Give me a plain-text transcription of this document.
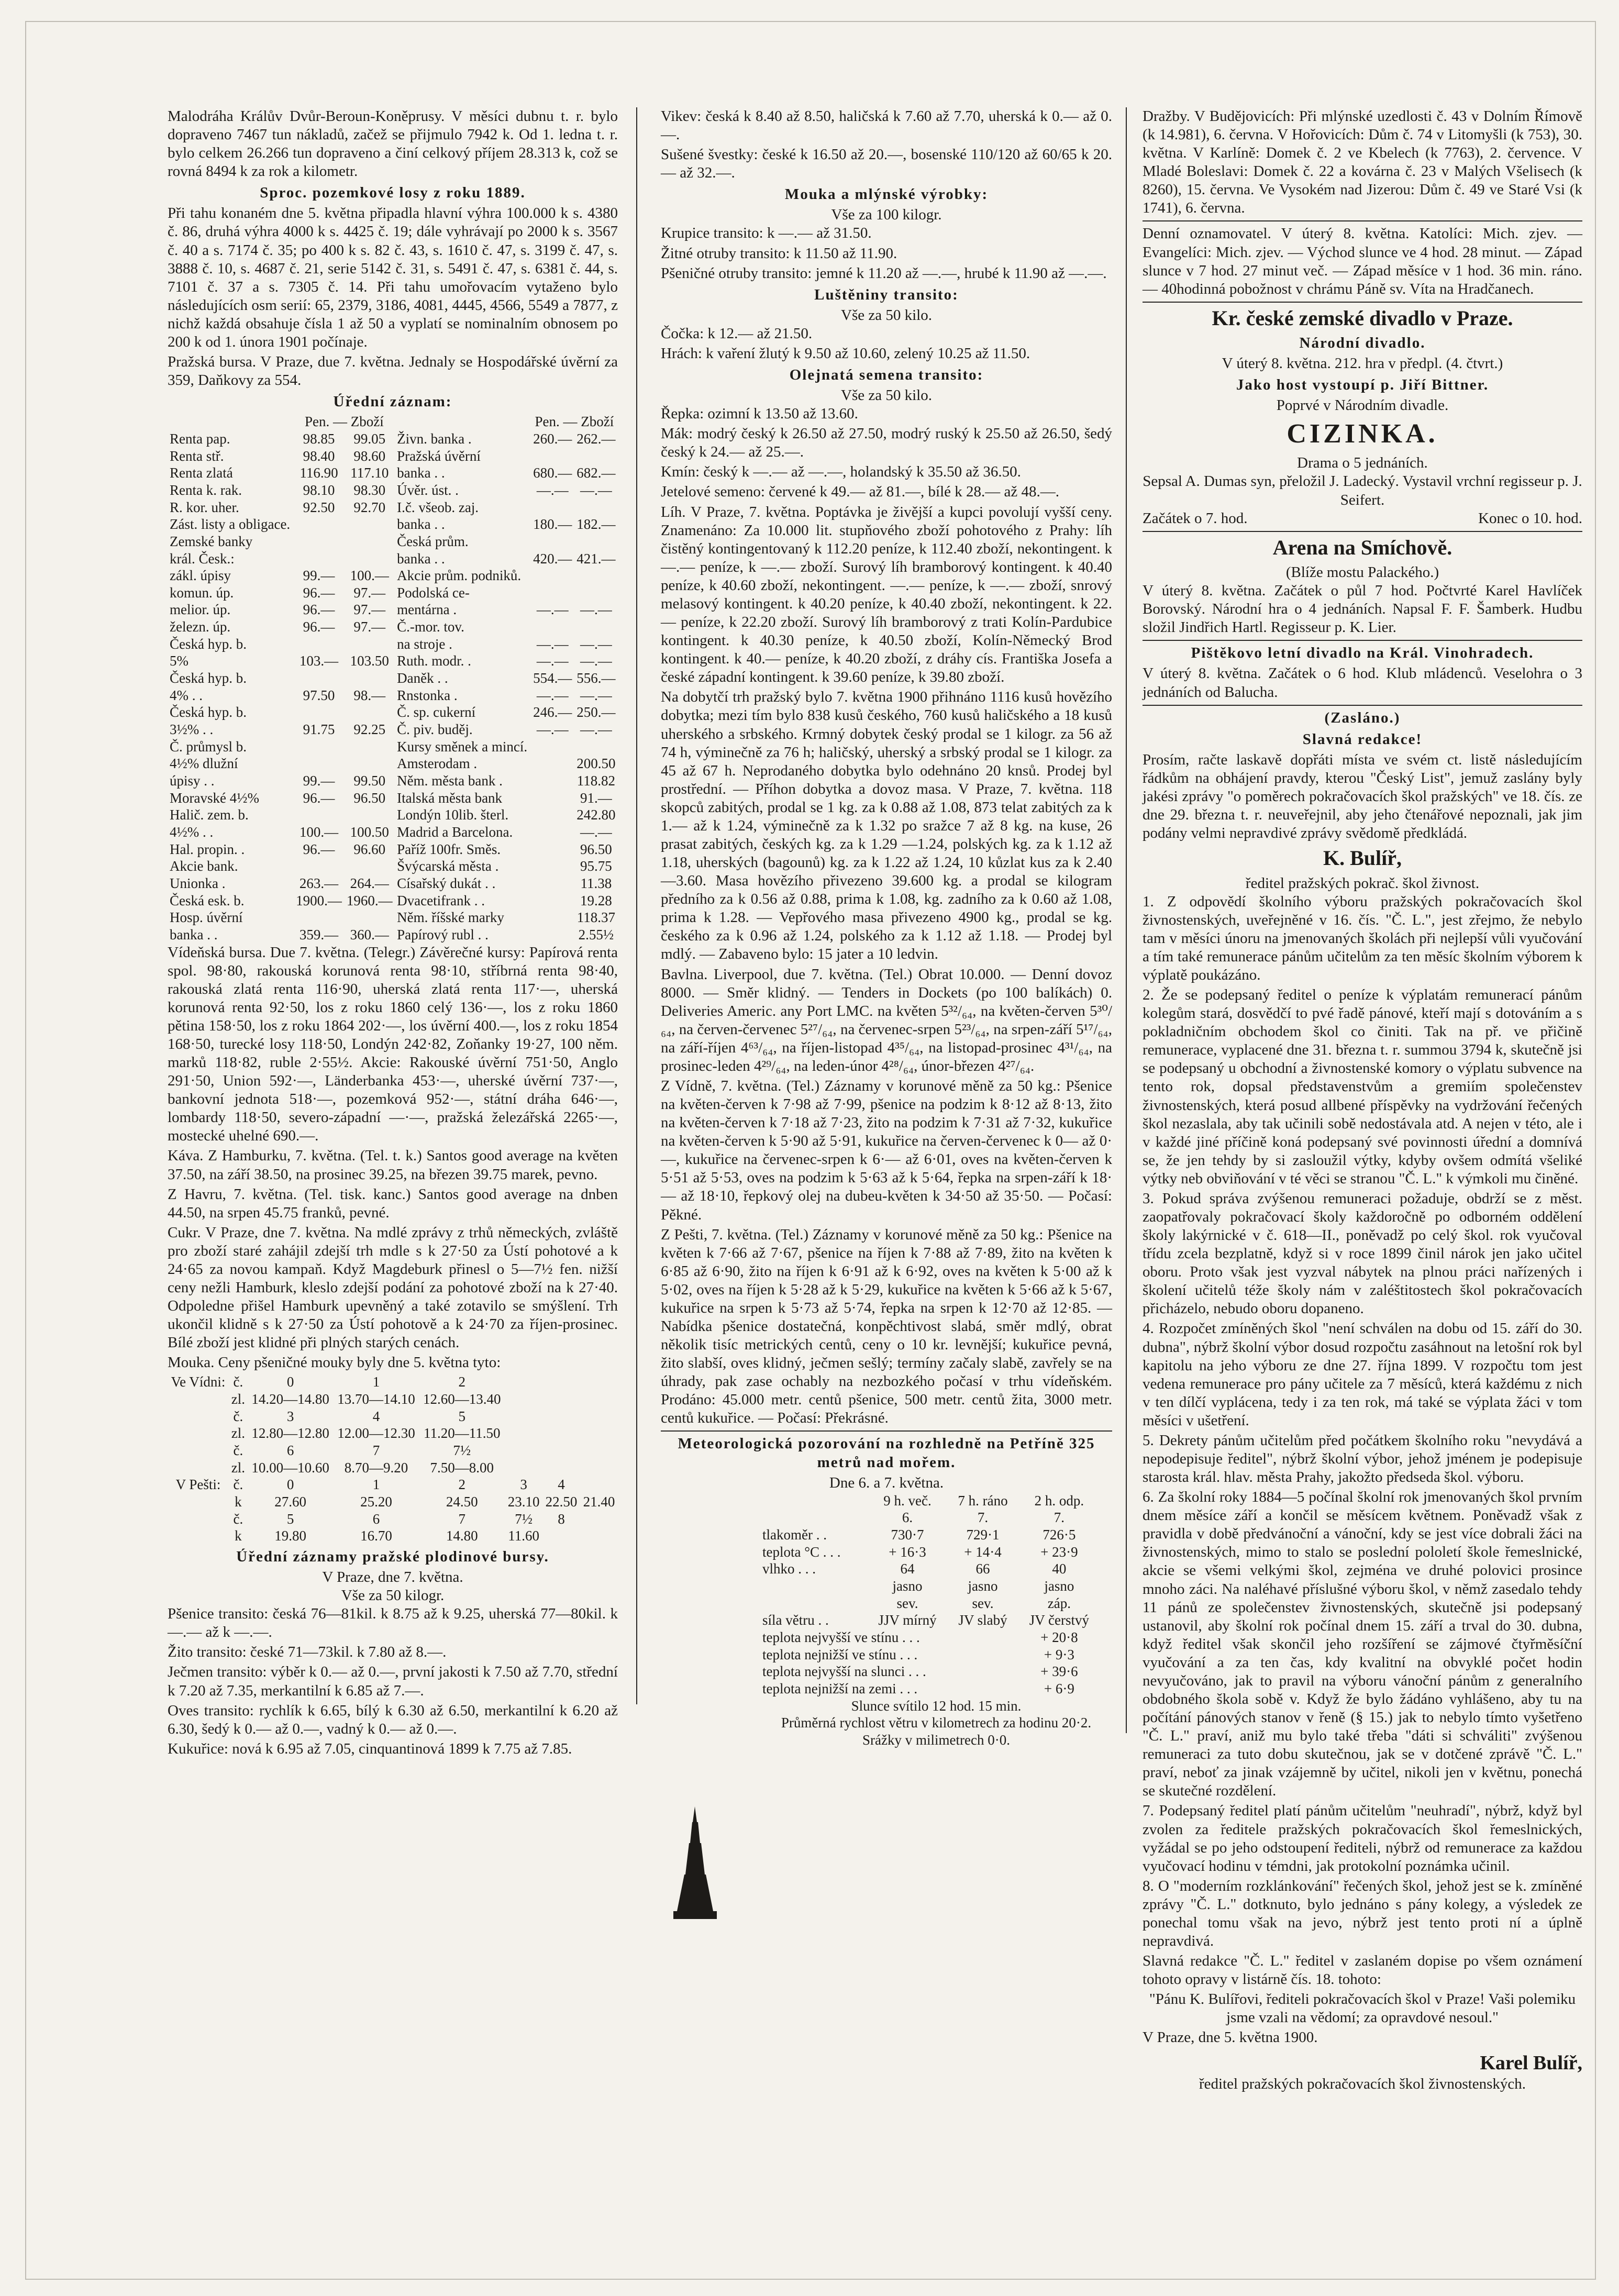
Malodráha Králův Dvůr-Beroun-Koněprusy. V měsíci dubnu t. r. bylo dopraveno 7467 tun nákladů, začež se přijmulo 7942 k. Od 1. ledna t. r. bylo celkem 26.266 tun dopraveno a činí celkový příjem 28.313 k, což se rovná 8494 k za rok a kilometr.

Sproc. pozemkové losy z roku 1889.

Při tahu konaném dne 5. května připadla hlavní výhra 100.000 k s. 4380 č. 86, druhá výhra 4000 k s. 4425 č. 19; dále vyhrávají po 2000 k s. 3567 č. 40 a s. 7174 č. 35; po 400 k s. 82 č. 43, s. 1610 č. 47, s. 3199 č. 47, s. 3888 č. 10, s. 4687 č. 21, serie 5142 č. 31, s. 5491 č. 47, s. 6381 č. 44, s. 7101 č. 37 a s. 7305 č. 14. Při tahu umořovacím vytaženo bylo následujících osm serií: 65, 2379, 3186, 4081, 4445, 4566, 5549 a 7877, z nichž každá obsahuje čísla 1 až 50 a vyplatí se nominalním obnosem po 200 k od 1. února 1901 počínaje.

Pražská bursa. V Praze, due 7. května. Jednaly se Hospodářské úvěrní za 359, Daňkovy za 554.

Úřední záznam:
	Pen. — Zboží			Pen. — Zboží	
Renta pap.	98.85	99.05	Živn. banka .	260.—	262.—
Renta stř.	98.40	98.60	Pražská úvěrní		
Renta zlatá	116.90	117.10	banka . .	680.—	682.—
Renta k. rak.	98.10	98.30	Úvěr. úst. .	—.—	—.—
R. kor. uher.	92.50	92.70	I.č. všeob. zaj.		
Zást. listy a obligace.			banka . .	180.—	182.—
Zemské banky			Česká prům.		
král. Česk.:			banka . .	420.—	421.—
zákl. úpisy	99.—	100.—	Akcie prům. podniků.		
komun. úp.	96.—	97.—	Podolská ce-		
melior. úp.	96.—	97.—	mentárna .	—.—	—.—
železn. úp.	96.—	97.—	Č.-mor. tov.		
Česká hyp. b.			na stroje .	—.—	—.—
5%	103.—	103.50	Ruth. modr. .	—.—	—.—
Česká hyp. b.			Daněk . .	554.—	556.—
4% . .	97.50	98.—	Rnstonka .	—.—	—.—
Česká hyp. b.			Č. sp. cukerní	246.—	250.—
3½% . .	91.75	92.25	Č. piv. buděj.	—.—	—.—
Č. průmysl b.			Kursy směnek a mincí.		
4½% dlužní			Amsterodam .		200.50
úpisy . .	99.—	99.50	Něm. města bank .		118.82
Moravské 4½%	96.—	96.50	Italská města bank		91.—
Halič. zem. b.			Londýn 10lib. šterl.		242.80
4½% . .	100.—	100.50	Madrid a Barcelona.		—.—
Hal. propin. .	96.—	96.60	Paříž 100fr. Směs.		96.50
Akcie bank.			Švýcarská města .		95.75
Unionka .	263.—	264.—	Císařský dukát . .		11.38
Česká esk. b.	1900.—	1960.—	Dvacetifrank . .		19.28
Hosp. úvěrní			Něm. říšské marky		118.37
banka . .	359.—	360.—	Papírový rubl . .		2.55½

Vídeňská bursa. Due 7. května. (Telegr.) Závěrečné kursy: Papírová renta spol. 98·80, rakouská korunová renta 98·10, stříbrná renta 98·40, rakouská zlatá renta 116·90, uherská zlatá renta 117·—, uherská korunová renta 92·50, los z roku 1860 celý 136·—, los z roku 1860 pětina 158·50, los z roku 1864 202·—, los úvěrní 400.—, los z roku 1854 168·50, turecké losy 118·50, Londýn 242·82, Zoňanky 19·27, 100 něm. marků 118·82, ruble 2·55½. Akcie: Rakouské úvěrní 751·50, Anglo 291·50, Union 592·—, Länderbanka 453·—, uherské úvěrní 737·—, bankovní jednota 518·—, pozemková 952·—, státní dráha 646·—, lombardy 118·50, severo-západní —·—, pražská železářská 2265·—, mostecké uhelné 690.—.

Káva. Z Hamburku, 7. května. (Tel. t. k.) Santos good average na květen 37.50, na září 38.50, na prosinec 39.25, na březen 39.75 marek, pevno.

Z Havru, 7. května. (Tel. tisk. kanc.) Santos good average na dnben 44.50, na srpen 45.75 franků, pevné.

Cukr. V Praze, dne 7. května. Na mdlé zprávy z trhů německých, zvláště pro zboží staré zahájil zdejší trh mdle s k 27·50 za Ústí pohotové a k 24·65 za novou kampaň. Když Magdeburk přinesl o 5—7½ fen. nižší ceny nežli Hamburk, kleslo zdejší podání za pohotové zboží na k 27·40. Odpoledne přišel Hamburk upevněný a také zotavilo se smýšlení. Trh ukončil klidně s k 27·50 za Ústí pohotově a k 24·70 za říjen-prosinec. Bílé zboží jest klidné při plných starých cenách.

Mouka. Ceny pšeničné mouky byly dne 5. května tyto:

Ve Vídni:	č.	0	1	2			
	zl.	14.20—14.80	13.70—14.10	12.60—13.40			
	č.	3	4	5			
	zl.	12.80—12.80	12.00—12.30	11.20—11.50			
	č.	6	7	7½			
	zl.	10.00—10.60	8.70—9.20	7.50—8.00			
V Pešti:	č.	0	1	2	3	4	
	k	27.60	25.20	24.50	23.10	22.50	21.40
	č.	5	6	7	7½	8	
	k	19.80	16.70	14.80	11.60		
Úřední záznamy pražské plodinové bursy.
V Praze, dne 7. května.
Vše za 50 kilogr.

Pšenice transito: česká 76—81kil. k 8.75 až k 9.25, uherská 77—80kil. k —.— až k —.—.

Žito transito: české 71—73kil. k 7.80 až 8.—.

Ječmen transito: výběr k 0.— až 0.—, první jakosti k 7.50 až 7.70, střední k 7.20 až 7.35, merkantilní k 6.85 až 7.—.

Oves transito: rychlík k 6.65, bílý k 6.30 až 6.50, merkantilní k 6.20 až 6.30, šedý k 0.— až 0.—, vadný k 0.— až 0.—.

Kukuřice: nová k 6.95 až 7.05, cinquantinová 1899 k 7.75 až 7.85.

Vikev: česká k 8.40 až 8.50, haličská k 7.60 až 7.70, uherská k 0.— až 0.—.

Sušené švestky: české k 16.50 až 20.—, bosenské 110/120 až 60/65 k 20.— až 32.—.

Mouka a mlýnské výrobky:
Vše za 100 kilogr.

Krupice transito: k —.— až 31.50.

Žitné otruby transito: k 11.50 až 11.90.

Pšeničné otruby transito: jemné k 11.20 až —.—, hrubé k 11.90 až —.—.

Luštěniny transito:
Vše za 50 kilo.

Čočka: k 12.— až 21.50.

Hrách: k vaření žlutý k 9.50 až 10.60, zelený 10.25 až 11.50.

Olejnatá semena transito:
Vše za 50 kilo.

Řepka: ozimní k 13.50 až 13.60.

Mák: modrý český k 26.50 až 27.50, modrý ruský k 25.50 až 26.50, šedý český k 24.— až 25.—.

Kmín: český k —.— až —.—, holandský k 35.50 až 36.50.

Jetelové semeno: červené k 49.— až 81.—, bílé k 28.— až 48.—.

Líh. V Praze, 7. května. Poptávka je živější a kupci povolují vyšší ceny. Znamenáno: Za 10.000 lit. stupňového zboží pohotového z Prahy: líh čistěný kontingentovaný k 112.20 peníze, k 112.40 zboží, nekontingent. k —.— peníze, k —.— zboží. Surový líh bramborový kontingent. k 40.40 peníze, k 40.60 zboží, nekontingent. —.— peníze, k —.— zboží, snrový melasový kontingent. k 40.20 peníze, k 40.40 zboží, nekontingent. k 22.— peníze, k 22.20 zboží. Surový líh bramborový z trati Kolín-Pardubice kontingent. k 40.30 peníze, k 40.50 zboží, Kolín-Německý Brod kontingent. k 40.— peníze, k 40.20 zboží, z dráhy cís. Františka Josefa a české západní kontingent. k 39.60 peníze, k 39.80 zboží.

Na dobytčí trh pražský bylo 7. května 1900 přihnáno 1116 kusů hovězího dobytka; mezi tím bylo 838 kusů českého, 760 kusů haličského a 18 kusů uherského a srbského. Krmný dobytek český prodal se 1 kilogr. za 56 až 74 h, výminečně za 76 h; haličský, uherský a srbský prodal se 1 kilogr. za 45 až 67 h. Neprodaného dobytka bylo odehnáno 20 knsů. Prodej byl prostřední. — Příhon dobytka a dovoz masa. V Praze, 7. května. 118 skopců zabitých, prodal se 1 kg. za k 0.88 až 1.08, 873 telat zabitých za k 1.— až k 1.24, výminečně za k 1.32 po sražce 7 až 8 kg. na kuse, 26 prasat zabitých, českých kg. za k 1.29 —1.24, polských kg. za k 1.12 až 1.18, uherských (bagounů) kg. za k 1.22 až 1.24, 10 kůzlat kus za k 2.40—3.60. Masa hovězího přivezeno 39.600 kg. a prodal se kilogram předního za k 0.56 až 0.88, prima k 1.08, kg. zadního za k 0.60 až 1.08, prima k 1.28. — Vepřového masa přivezeno 4900 kg., prodal se kg. českého za k 0.96 až 1.24, polského za k 1.12 až 1.18. — Prodej byl mdlý. — Zabaveno bylo: 15 jater a 10 ledvin.

Bavlna. Liverpool, due 7. května. (Tel.) Obrat 10.000. — Denní dovoz 8000. — Směr klidný. — Tenders in Dockets (po 100 balíkách) 0. Deliveries Americ. any Port LMC. na květen 5³²/₆₄, na květen-červen 5³⁰/₆₄, na červen-červenec 5²⁷/₆₄, na červenec-srpen 5²³/₆₄, na srpen-září 5¹⁷/₆₄, na září-říjen 4⁶³/₆₄, na říjen-listopad 4³⁵/₆₄, na listopad-prosinec 4³¹/₆₄, na prosinec-leden 4²⁹/₆₄, na leden-únor 4²⁸/₆₄, únor-březen 4²⁷/₆₄.

Z Vídně, 7. května. (Tel.) Záznamy v korunové měně za 50 kg.: Pšenice na květen-červen k 7·98 až 7·99, pšenice na podzim k 8·12 až 8·13, žito na květen-červen k 7·18 až 7·23, žito na podzim k 7·31 až 7·32, kukuřice na květen-červen k 5·90 až 5·91, kukuřice na červen-červenec k 0— až 0·—, kukuřice na červenec-srpen k 6·— až 6·01, oves na květen-červen k 5·51 až 5·53, oves na podzim k 5·63 až k 5·64, řepka na srpen-září k 18·— až 18·10, řepkový olej na dubeu-květen k 34·50 až 35·50. — Počasí: Pěkné.

Z Pešti, 7. května. (Tel.) Záznamy v korunové měně za 50 kg.: Pšenice na květen k 7·66 až 7·67, pšenice na říjen k 7·88 až 7·89, žito na květen k 6·85 až 6·90, žito na říjen k 6·91 až k 6·92, oves na květen k 5·00 až k 5·02, oves na říjen k 5·28 až k 5·29, kukuřice na květen k 5·66 až k 5·67, kukuřice na srpen k 5·73 až 5·74, řepka na srpen k 12·70 až 12·85. — Nabídka pšenice dostatečná, konpěchtivost slabá, směr mdlý, obrat několik tisíc metrických centů, ceny o 10 kr. levnější; kukuřice pevná, žito slabší, oves klidný, ječmen sešlý; termíny začaly slabě, zavřely se na úhrady, pak zase ochably na nezbozkého počasí v trhu vídeňském. Prodáno: 45.000 metr. centů pšenice, 500 metr. centů žita, 3000 metr. centů kukuřice. — Počasí: Překrásné.

Meteorologická pozorování na rozhledně na Petříně 325 metrů nad mořem.
Dne 6. a 7. května.
	9 h. več.	7 h. ráno	2 h. odp.
	6.	7.	7.
tlakoměr . .	730·7	729·1	726·5
teplota °C . . .	+ 16·3	+ 14·4	+ 23·9
vlhko . . .	64	66	40
	jasno	jasno	jasno
	sev.	sev.	záp.
síla větru . .	JJV mírný	JV slabý	JV čerstvý
teplota nejvyšší ve stínu . . .			+ 20·8
teplota nejnižší ve stínu . . .			+ 9·3
teplota nejvyšší na slunci . . .			+ 39·6
teplota nejnižší na zemi . . .			+ 6·9
Slunce svítilo 12 hod. 15 min.
Průměrná rychlost větru v kilometrech za hodinu 20·2.
Srážky v milimetrech 0·0.

Dražby. V Budějovicích: Při mlýnské uzedlosti č. 43 v Dolním Římově (k 14.981), 6. června. V Hořovicích: Dům č. 74 v Litomyšli (k 753), 30. května. V Karlíně: Domek č. 2 ve Kbelech (k 7763), 2. července. V Mladé Boleslavi: Domek č. 22 a kovárna č. 23 v Malých Všelisech (k 8260), 15. června. Ve Vysokém nad Jizerou: Dům č. 49 ve Staré Vsi (k 1741), 6. června.

Denní oznamovatel. V úterý 8. května. Katolíci: Mich. zjev. — Evangelíci: Mich. zjev. — Východ slunce ve 4 hod. 28 minut. — Západ slunce v 7 hod. 27 minut več. — Západ měsíce v 1 hod. 36 min. ráno. — 40hodinná pobožnost v chrámu Páně sv. Víta na Hradčanech.

Kr. české zemské divadlo v Praze.
Národní divadlo.
V úterý 8. května. 212. hra v předpl. (4. čtvrt.)
Jako host vystoupí p. Jiří Bittner.
Poprvé v Národním divadle.
CIZINKA.
Drama o 5 jednáních.
Sepsal A. Dumas syn, přeložil J. Ladecký. Vystavil vrchní regisseur p. J. Seifert.
Začátek o 7. hod.	Konec o 10. hod.
Arena na Smíchově.
(Blíže mostu Palackého.)

V úterý 8. května. Začátek o půl 7 hod. Počtvrté Karel Havlíček Borovský. Národní hra o 4 jednáních. Napsal F. F. Šamberk. Hudbu složil Jindřich Hartl. Regisseur p. K. Lier.

Pištěkovo letní divadlo na Král. Vinohradech.

V úterý 8. května. Začátek o 6 hod. Klub mládenců. Veselohra o 3 jednáních od Balucha.

(Zasláno.)
Slavná redakce!

Prosím, račte laskavě dopřáti místa ve svém ct. listě následujícím řádkům na obhájení pravdy, kterou "Český List", jemuž zaslány byly jakési zprávy "o poměrech pokračovacích škol pražských" ve 18. čís. ze dne 29. března t. r. neuveřejnil, aby jeho čtenářové nepoznali, jak jim podány velmi nepravdivé zprávy svědomě předkládá.

K. Bulíř,
ředitel pražských pokrač. škol živnost.

1. Z odpovědí školního výboru pražských pokračovacích škol živnostenských, uveřejněné v 16. čís. "Č. L.", jest zřejmo, že nebylo tam v měsíci únoru na jmenovaných školách při nejlepší vůli vyučování a tím také remunerace pánům učitelům za ten měsíc školním výborem k výplatě poukázáno.

2. Že se podepsaný ředitel o peníze k výplatám remunerací pánům kolegům stará, dosvědčí to pvé řadě pánové, kteří mají s dotováním a s pokladničním obchodem škol co činiti. Tak na př. ve přičině remunerace, vyplacené dne 31. března t. r. summou 3794 k, skutečně jsi se podepsaný u obchodní a živnostenské komory o výplatu subvence na tento rok, dopsal představenstvům a gremiím společenstev živnostenských, která posud allbené příspěvky na vydržování řečených škol nezaslala, aby tak učinili sobě nedostávala atd. A nejen v této, ale i v každé jiné příčině koná podepsaný své povinnosti úřední a domnívá se, že jen tehdy by si zasloužil výtky, kdyby ovšem odmítá všeliké výtky neb obviňování v té věci se stranou "Č. L." k výmkoli mu činěné.

3. Pokud správa zvýšenou remuneraci požaduje, obdrží se z měst. zaopatřovaly pokračovací školy každoročně po odborném oddělení školy lakýrnické v č. 618—II., poněvadž po celý škol. rok vyučoval třídu zcela bezplatně, když si v roce 1899 činil nárok jen jako učitel oboru. Proto však jest vyzval nábytek na plnou práci nařízených i školení učitelů téže školy nám v zaléštitostech škol pokračovacích přicházelo, nebudo oboru dopaneno.

4. Rozpočet zmíněných škol "není schválen na dobu od 15. září do 30. dubna", nýbrž školní výbor dosud rozpočtu zasáhnout na letošní rok byl kapitolu na jeho výboru ze dne 27. října 1899. V rozpočtu tom jest vedena remunerace pro pány učitele za 7 měsíců, která každému z nich v ten dílčí vyplácena, tedy i za ten rok, má také se výplata žáci v tom měsíci v ušetření.

5. Dekrety pánům učitelům před počátkem školního roku "nevydává a nepodepisuje ředitel", nýbrž školní výbor, jehož jménem je podepisuje starosta král. hlav. města Prahy, jakožto předseda škol. výboru.

6. Za školní roky 1884—5 počínal školní rok jmenovaných škol prvním dnem měsíce září a končil se měsícem květnem. Poněvadž však z pravidla v době předvánoční a vánoční, kdy se jest více dobrali žáci na živnostenských, mimo to stalo se poslední pololetí škole řemeslnické, akcie se všemi velkými škol, zejména ve druhé polovici prosince mnoho záci. Na naléhavé příslušné výboru škol, v němž zasedalo tehdy 11 pánů ze společenstev živnostenských, skutečně jsi podepsaný ustanovil, aby školní rok počínal dnem 15. září a trval do 30. dubna, když ředitel však skončil jeho rozšíření se zájmové čtyřměsíční vyučování a za ten čas, kdy kvalitní na obvyklé počet hodin nevyučováno, jak to pravil na výboru vánoční pánům z generalního obdobného škola sobě v. Když že bylo žádáno vyhlášeno, aby tu na počítání pánových stanov v řeně (§ 15.) jak to nebylo tímto vyšetřeno "Č. L." praví, aniž mu bylo také třeba "dáti si schváliti" zvýšenou remuneraci za tuto dobu skutečnou, jak se v dotčené zprávě "Č. L." praví, neboť za jinak vzájemně by učitel, nikoli jen v květnu, ponechá se skutečné rozdělení.

7. Podepsaný ředitel platí pánům učitelům "neuhradí", nýbrž, když byl zvolen za ředitele pražských pokračovacích škol řemeslnických, vyžádal se po jeho odstoupení řediteli, nýbrž od remunerace za každou vyučovací hodinu v témdni, jak protokolní poznámka učinil.

8. O "moderním rozklánkování" řečených škol, jehož jest se k. zmíněné zprávy "Č. L." dotknuto, bylo jednáno s pány kolegy, a výsledek ze ponechal tomu však na jevo, nýbrž jest tento proti ní a úplně nepravdivá.

Slavná redakce "Č. L." ředitel v zaslaném dopise po všem oznámení tohoto opravy v listárně čís. 18. tohoto:

"Pánu K. Bulířovi, řediteli pokračovacích škol v Praze! Vaši polemiku jsme vzali na vědomí; za opravdové nesoul."

V Praze, dne 5. května 1900.

Karel Bulíř,
ředitel pražských pokračovacích škol živnostenských.
